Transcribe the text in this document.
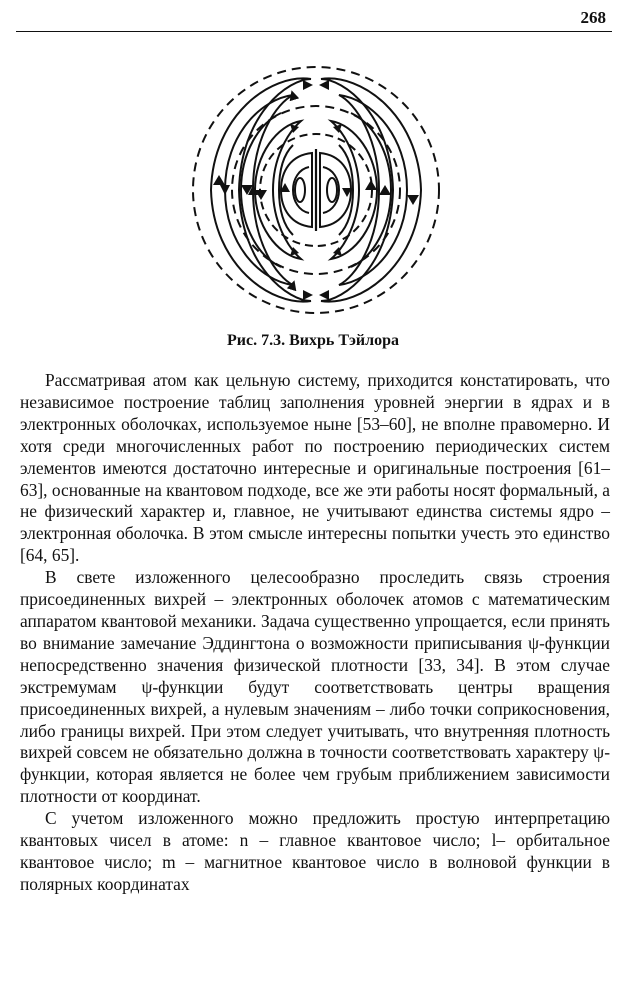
268
Рис. 7.3. Вихрь Тэйлора

Рассматривая атом как цельную систему, приходится констатировать, что независимое построение таблиц заполнения уровней энергии в ядрах и в электронных оболочках, используемое ныне [53–60], не вполне правомерно. И хотя среди многочисленных работ по построению периодических систем элементов имеются достаточно интересные и оригинальные построения [61–63], основанные на квантовом подходе, все же эти работы носят формальный, а не физический характер и, главное, не учитывают единства системы ядро – электронная оболочка. В этом смысле интересны попытки учесть это единство [64, 65].

В свете изложенного целесообразно проследить связь строения присоединенных вихрей – электронных оболочек атомов с математическим аппаратом квантовой механики. Задача существенно упрощается, если принять во внимание замечание Эддингтона о возможности приписывания ψ-функции непосредственно значения физической плотности [33, 34]. В этом случае экстремумам ψ-функции будут соответствовать центры вращения присоединенных вихрей, а нулевым значениям – либо точки соприкосновения, либо границы вихрей. При этом следует учитывать, что внутренняя плотность вихрей совсем не обязательно должна в точности соответствовать характеру ψ-функции, которая является не более чем грубым приближением зависимости плотности от координат.

С учетом изложенного можно предложить простую интерпретацию квантовых чисел в атоме: n – главное квантовое число; l– орбитальное квантовое число; m – магнитное квантовое число в волновой функции в полярных координатах
